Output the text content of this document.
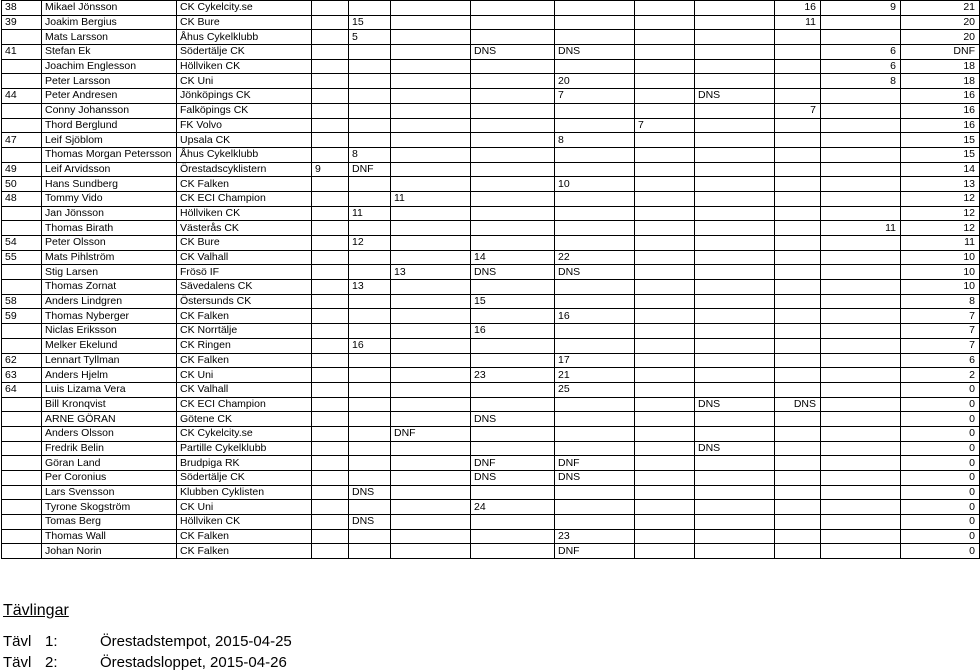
38	Mikael Jönsson	CK Cykelcity.se								16	9	21	
39	Joakim Bergius	CK Bure		15						11		20	
	Mats Larsson	Åhus Cykelklubb		5								20	
41	Stefan Ek	Södertälje CK				DNS	DNS				6	DNF	
	Joachim Englesson	Höllviken CK									6	18	
	Peter Larsson	CK Uni					20				8	18	
44	Peter Andresen	Jönköpings CK					7		DNS			16	
	Conny Johansson	Falköpings CK								7		16	
	Thord Berglund	FK Volvo						7				16	
47	Leif Sjöblom	Upsala CK					8					15	
	Thomas Morgan Petersson	Åhus Cykelklubb		8								15	
49	Leif Arvidsson	Örestadscyklistern	9	DNF								14	
50	Hans Sundberg	CK Falken					10					13	
48	Tommy Vido	CK ECI Champion			11							12	
	Jan Jönsson	Höllviken CK		11								12	
	Thomas Birath	Västerås CK									11	12	
54	Peter Olsson	CK Bure		12								11	
55	Mats Pihlström	CK Valhall				14	22					10	
	Stig Larsen	Frösö IF			13	DNS	DNS					10	
	Thomas Zornat	Sävedalens CK		13								10	
58	Anders Lindgren	Östersunds CK				15						8	
59	Thomas Nyberger	CK Falken					16					7	
	Niclas Eriksson	CK Norrtälje				16						7	
	Melker Ekelund	CK Ringen		16								7	
62	Lennart Tyllman	CK Falken					17					6	
63	Anders Hjelm	CK Uni				23	21					2	
64	Luis Lizama Vera	CK Valhall					25					0	
	Bill Kronqvist	CK ECI Champion							DNS	DNS		0	
	ARNE GÖRAN	Götene CK				DNS						0	
	Anders Olsson	CK Cykelcity.se			DNF							0	
	Fredrik Belin	Partille Cykelklubb							DNS			0	
	Göran Land	Brudpiga RK				DNF	DNF					0	
	Per Coronius	Södertälje CK				DNS	DNS					0	
	Lars Svensson	Klubben Cyklisten		DNS								0	
	Tyrone Skogström	CK Uni				24						0	
	Tomas Berg	Höllviken CK		DNS								0	
	Thomas Wall	CK Falken					23					0	
	Johan Norin	CK Falken					DNF					0	
Tävlingar
Tävl 1:	Örestadstempot, 2015-04-25
Tävl 2:	Örestadsloppet, 2015-04-26
